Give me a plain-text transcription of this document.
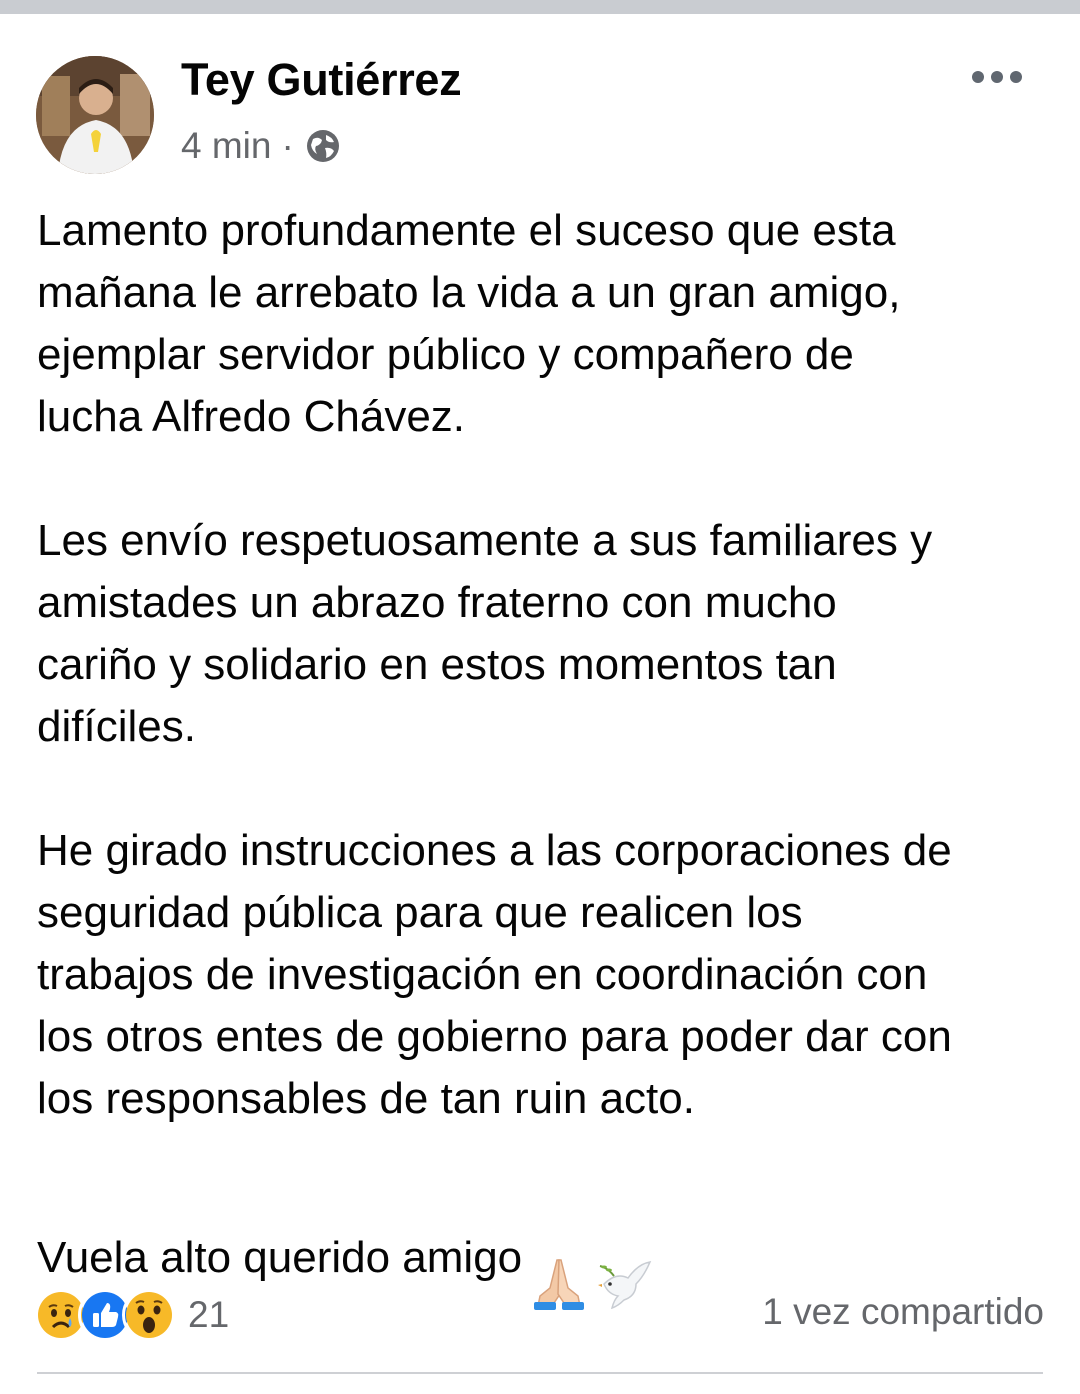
Tey Gutiérrez
4 min ·

Lamento profundamente el suceso que esta
mañana le arrebato la vida a un gran amigo,
ejemplar servidor público y compañero de
lucha Alfredo Chávez.

Les envío respetuosamente a sus familiares y
amistades un abrazo fraterno con mucho
cariño y solidario en estos momentos tan
difíciles.

He girado instrucciones a las corporaciones de
seguridad pública para que realicen los
trabajos de investigación en coordinación con
los otros entes de gobierno para poder dar con
los responsables de tan ruin acto.

Vuela alto querido amigo

21	1 vez compartido
